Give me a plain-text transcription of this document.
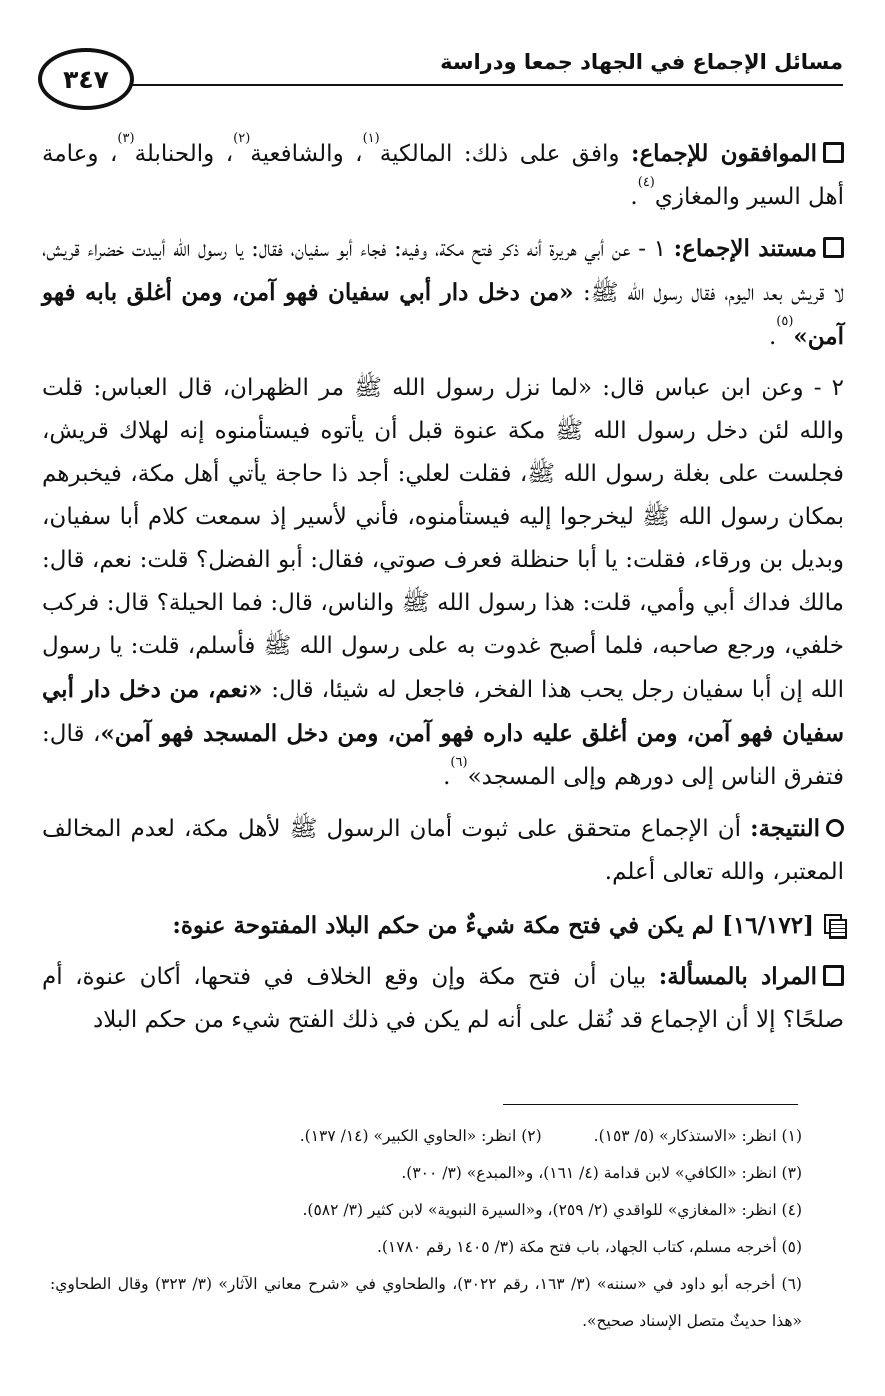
مسائل الإجماع في الجهاد جمعا ودراسة
٣٤٧

الموافقون للإجماع: وافق على ذلك: المالكية$^{(١)}$، والشافعية$^{(٢)}$، والحنابلة$^{(٣)}$، وعامة أهل السير والمغازي$^{(٤)}$.

مستند الإجماع: ١ - عن أبي هريرة أنه ذكر فتح مكة، وفيه: فجاء أبو سفيان، فقال: يا رسول الله أبيدت خضراء قريش، لا قريش بعد اليوم، فقال رسول الله ﷺ: «من دخل دار أبي سفيان فهو آمن، ومن أغلق بابه فهو آمن»$^{(٥)}$.

٢ - وعن ابن عباس قال: «لما نزل رسول الله ﷺ مر الظهران، قال العباس: قلت والله لئن دخل رسول الله ﷺ مكة عنوة قبل أن يأتوه فيستأمنوه إنه لهلاك قريش، فجلست على بغلة رسول الله ﷺ، فقلت لعلي: أجد ذا حاجة يأتي أهل مكة، فيخبرهم بمكان رسول الله ﷺ ليخرجوا إليه فيستأمنوه، فأني لأسير إذ سمعت كلام أبا سفيان، وبديل بن ورقاء، فقلت: يا أبا حنظلة فعرف صوتي، فقال: أبو الفضل؟ قلت: نعم، قال: مالك فداك أبي وأمي، قلت: هذا رسول الله ﷺ والناس، قال: فما الحيلة؟ قال: فركب خلفي، ورجع صاحبه، فلما أصبح غدوت به على رسول الله ﷺ فأسلم، قلت: يا رسول الله إن أبا سفيان رجل يحب هذا الفخر، فاجعل له شيئا، قال: «نعم، من دخل دار أبي سفيان فهو آمن، ومن أغلق عليه داره فهو آمن، ومن دخل المسجد فهو آمن»، قال: فتفرق الناس إلى دورهم وإلى المسجد»$^{(٦)}$.

النتيجة: أن الإجماع متحقق على ثبوت أمان الرسول ﷺ لأهل مكة، لعدم المخالف المعتبر، والله تعالى أعلم.

[١٦/١٧٢] لم يكن في فتح مكة شيءٌ من حكم البلاد المفتوحة عنوة:

المراد بالمسألة: بيان أن فتح مكة وإن وقع الخلاف في فتحها، أكان عنوة، أم صلحًا؟ إلا أن الإجماع قد نُقل على أنه لم يكن في ذلك الفتح شيء من حكم البلاد

(١) انظر: «الاستذكار» (٥/ ١٥٣).(٢) انظر: «الحاوي الكبير» (١٤/ ١٣٧).
(٣) انظر: «الكافي» لابن قدامة (٤/ ١٦١)، و«المبدع» (٣/ ٣٠٠).
(٤) انظر: «المغازي» للواقدي (٢/ ٢٥٩)، و«السيرة النبوية» لابن كثير (٣/ ٥٨٢).
(٥) أخرجه مسلم، كتاب الجهاد، باب فتح مكة (٣/ ١٤٠٥ رقم ١٧٨٠).
(٦) أخرجه أبو داود في «سننه» (٣/ ١٦٣، رقم ٣٠٢٢)، والطحاوي في «شرح معاني الآثار» (٣/ ٣٢٣) وقال الطحاوي: «هذا حديثٌ متصل الإسناد صحيح».
